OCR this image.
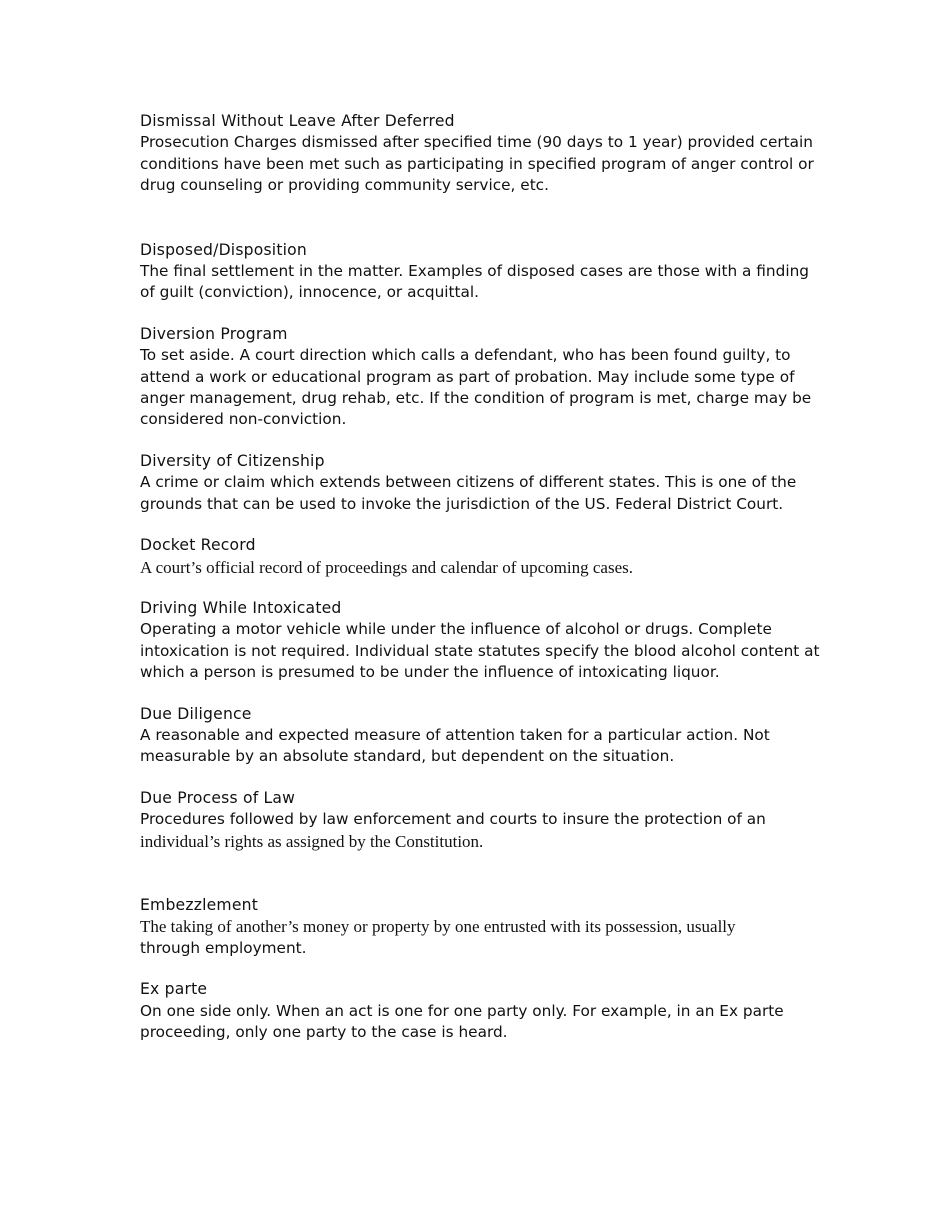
Dismissal Without Leave After Deferred
Prosecution Charges dismissed after specified time (90 days to 1 year) provided certain conditions have been met such as participating in specified program of anger control or drug counseling or providing community service, etc.
Disposed/Disposition
The final settlement in the matter. Examples of disposed cases are those with a finding of guilt (conviction), innocence, or acquittal.
Diversion Program
To set aside. A court direction which calls a defendant, who has been found guilty, to attend a work or educational program as part of probation. May include some type of anger management, drug rehab, etc. If the condition of program is met, charge may be considered non-conviction.
Diversity of Citizenship
A crime or claim which extends between citizens of different states. This is one of the grounds that can be used to invoke the jurisdiction of the US. Federal District Court.
Docket Record
A court’s official record of proceedings and calendar of upcoming cases.
Driving While Intoxicated
Operating a motor vehicle while under the influence of alcohol or drugs. Complete intoxication is not required. Individual state statutes specify the blood alcohol content at which a person is presumed to be under the influence of intoxicating liquor.
Due Diligence
A reasonable and expected measure of attention taken for a particular action. Not measurable by an absolute standard, but dependent on the situation.
Due Process of Law
Procedures followed by law enforcement and courts to insure the protection of an
individual’s rights as assigned by the Constitution.
Embezzlement
The taking of another’s money or property by one entrusted with its possession, usually
through employment.
Ex parte
On one side only. When an act is one for one party only. For example, in an Ex parte proceeding, only one party to the case is heard.
